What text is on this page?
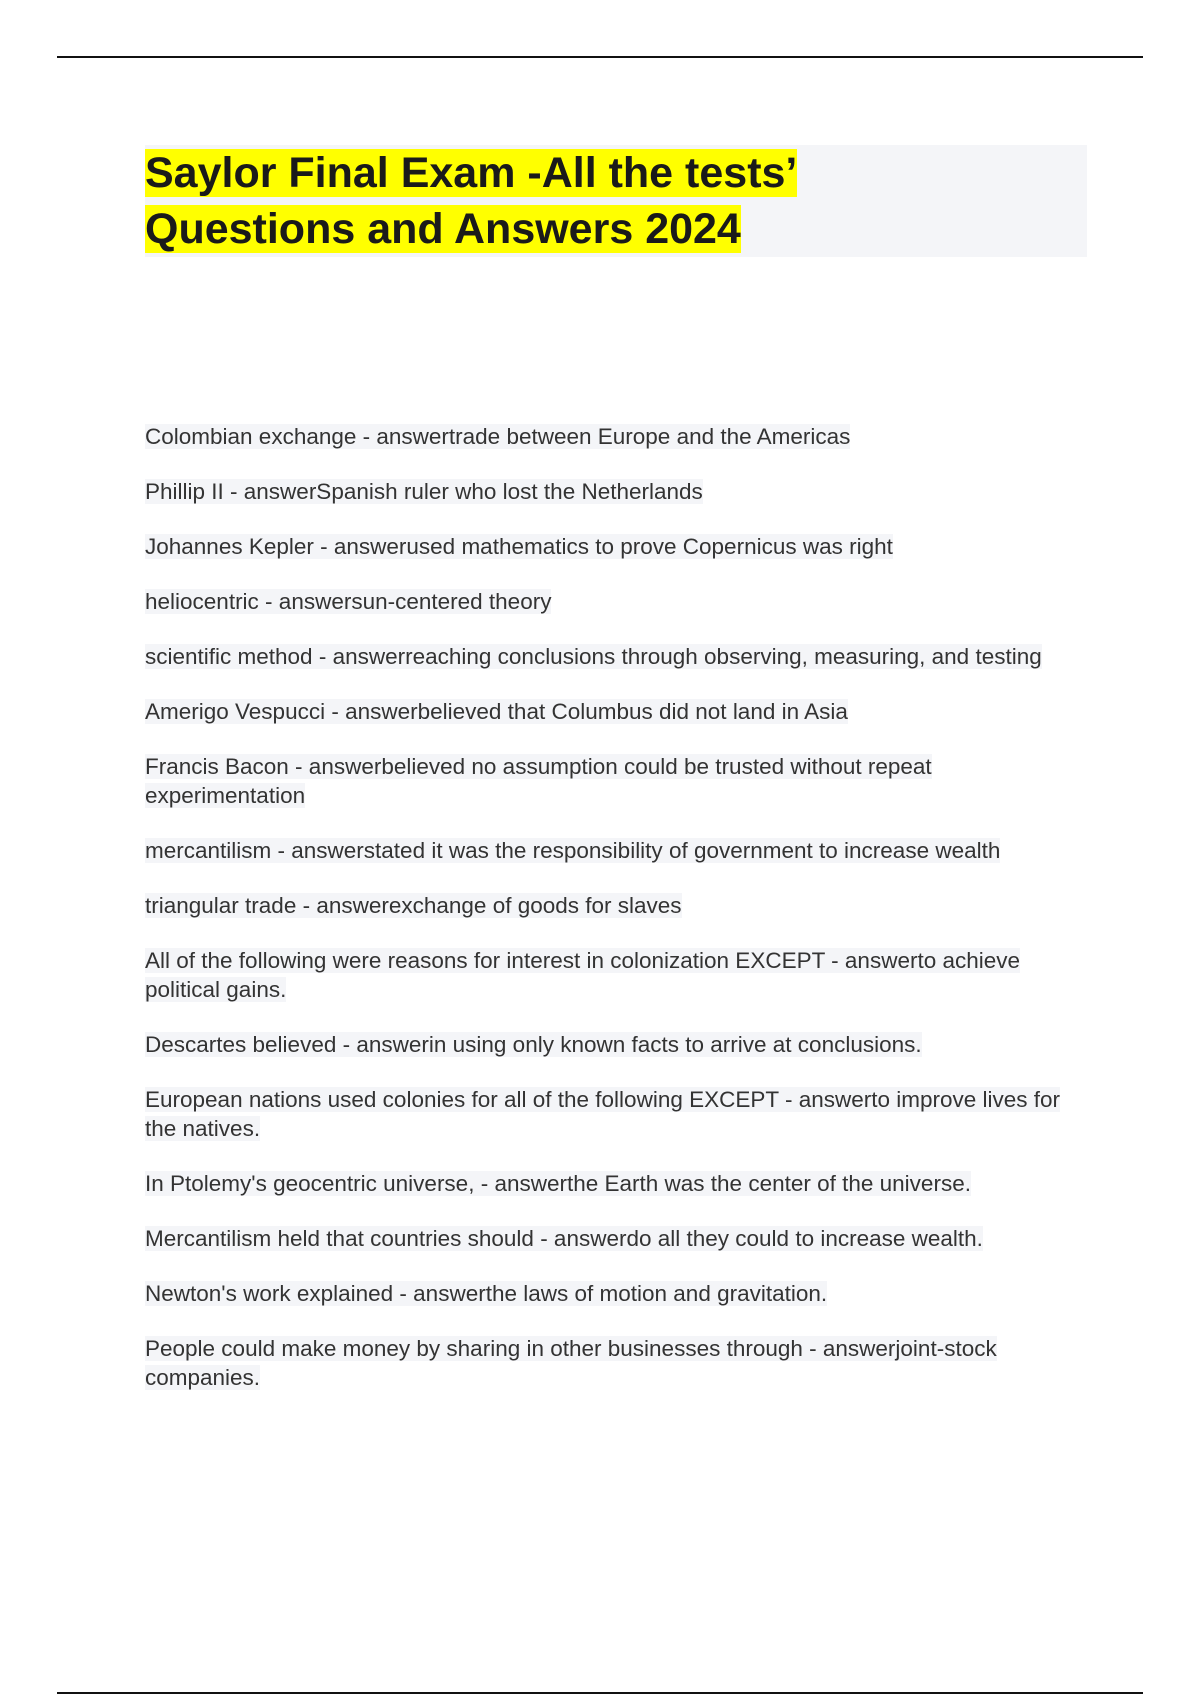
Saylor Final Exam -All the tests’
Questions and Answers 2024
Colombian exchange - answertrade between Europe and the Americas
Phillip II - answerSpanish ruler who lost the Netherlands
Johannes Kepler - answerused mathematics to prove Copernicus was right
heliocentric - answersun-centered theory
scientific method - answerreaching conclusions through observing, measuring, and testing
Amerigo Vespucci - answerbelieved that Columbus did not land in Asia
Francis Bacon - answerbelieved no assumption could be trusted without repeat experimentation
mercantilism - answerstated it was the responsibility of government to increase wealth
triangular trade - answerexchange of goods for slaves
All of the following were reasons for interest in colonization EXCEPT - answerto achieve political gains.
Descartes believed - answerin using only known facts to arrive at conclusions.
European nations used colonies for all of the following EXCEPT - answerto improve lives for the natives.
In Ptolemy's geocentric universe, - answerthe Earth was the center of the universe.
Mercantilism held that countries should - answerdo all they could to increase wealth.
Newton's work explained - answerthe laws of motion and gravitation.
People could make money by sharing in other businesses through - answerjoint-stock companies.
